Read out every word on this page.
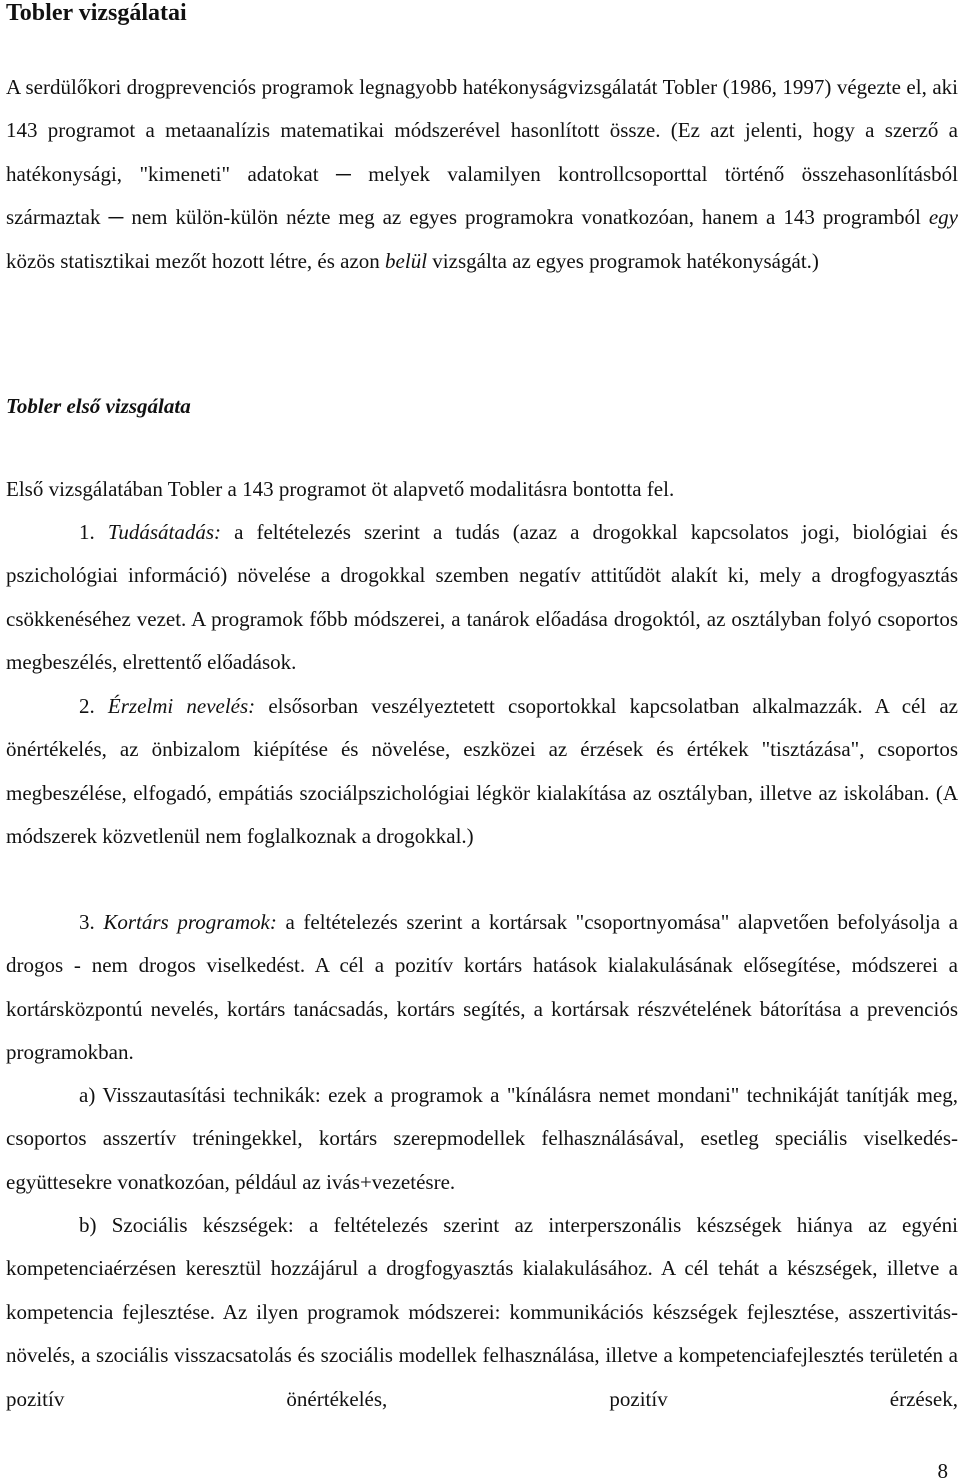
Tobler vizsgálatai

A serdülőkori drogprevenciós programok legnagyobb hatékonyságvizsgálatát Tobler (1986, 1997) végezte el, aki 143 programot a metaanalízis matematikai módszerével hasonlított össze. (Ez azt jelenti, hogy a szerző a hatékonysági, "kimeneti" adatokat ─ melyek valamilyen kontrollcsoporttal történő összehasonlításból származtak ─ nem külön-külön nézte meg az egyes programokra vonatkozóan, hanem a 143 programból egy közös statisztikai mezőt hozott létre, és azon belül vizsgálta az egyes programok hatékonyságát.)

Tobler első vizsgálata

Első vizsgálatában Tobler a 143 programot öt alapvető modalitásra bontotta fel.

1. Tudásátadás: a feltételezés szerint a tudás (azaz a drogokkal kapcsolatos jogi, biológiai és pszichológiai információ) növelése a drogokkal szemben negatív attitűdöt alakít ki, mely a drogfogyasztás csökkenéséhez vezet. A programok főbb módszerei, a tanárok előadása drogoktól, az osztályban folyó csoportos megbeszélés, elrettentő előadások.

2. Érzelmi nevelés: elsősorban veszélyeztetett csoportokkal kapcsolatban alkalmazzák. A cél az önértékelés, az önbizalom kiépítése és növelése, eszközei az érzések és értékek "tisztázása", csoportos megbeszélése, elfogadó, empátiás szociálpszichológiai légkör kialakítása az osztályban, illetve az iskolában. (A módszerek közvetlenül nem foglalkoznak a drogokkal.)

3. Kortárs programok: a feltételezés szerint a kortársak "csoportnyomása" alapvetően befolyásolja a drogos - nem drogos viselkedést. A cél a pozitív kortárs hatások kialakulásának elősegítése, módszerei a kortársközpontú nevelés, kortárs tanácsadás, kortárs segítés, a kortársak részvételének bátorítása a prevenciós programokban.

a) Visszautasítási technikák: ezek a programok a "kínálásra nemet mondani" technikáját tanítják meg, csoportos asszertív tréningekkel, kortárs szerepmodellek felhasználásával, esetleg speciális viselkedés-együttesekre vonatkozóan, például az ivás+vezetésre.

b) Szociális készségek: a feltételezés szerint az interperszonális készségek hiánya az egyéni kompetenciaérzésen keresztül hozzájárul a drogfogyasztás kialakulásához. A cél tehát a készségek, illetve a kompetencia fejlesztése. Az ilyen programok módszerei: kommunikációs készségek fejlesztése, asszertivitás-növelés, a szociális visszacsatolás és szociális modellek felhasználása, illetve a kompetenciafejlesztés területén a pozitív önértékelés, pozitív érzések,

8
